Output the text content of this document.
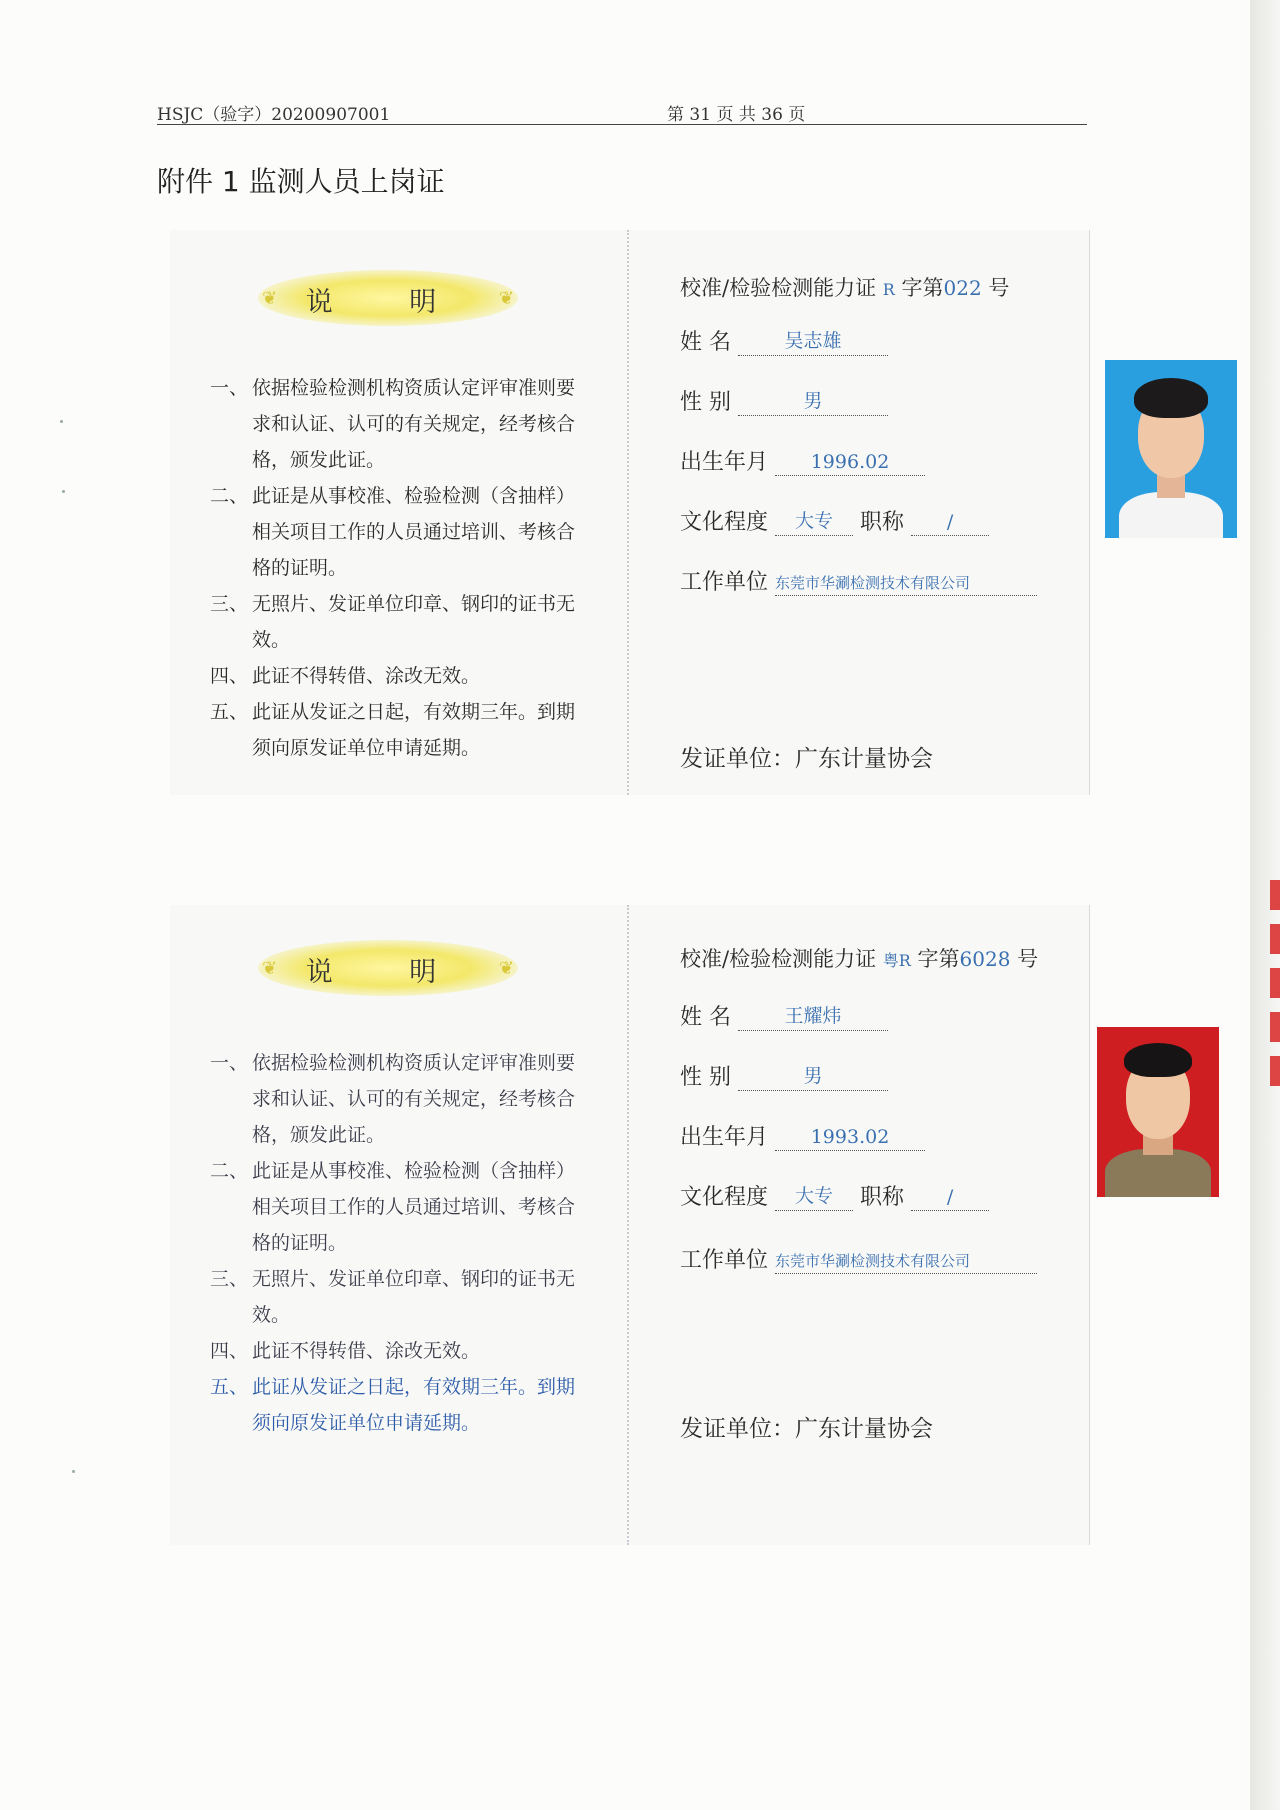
HSJC（验字）20200907001	第 31 页 共 36 页
附件 1 监测人员上岗证
❦	说 明	❦

一、 依据检验检测机构资质认定评审准则要求和认证、认可的有关规定，经考核合格，颁发此证。

二、 此证是从事校准、检验检测（含抽样）相关项目工作的人员通过培训、考核合格的证明。

三、 无照片、发证单位印章、钢印的证书无效。

四、 此证不得转借、涂改无效。

五、 此证从发证之日起，有效期三年。到期须向原发证单位申请延期。

校准/检验检测能力证 R 字第022 号
姓 名	吴志雄
性 别	男
出生年月 1996.02
文化程度 大专 职称 /
工作单位 东莞市华涮检测技术有限公司
发证单位：广东计量协会
❦	说 明	❦

一、 依据检验检测机构资质认定评审准则要求和认证、认可的有关规定，经考核合格，颁发此证。

二、 此证是从事校准、检验检测（含抽样）相关项目工作的人员通过培训、考核合格的证明。

三、 无照片、发证单位印章、钢印的证书无效。

四、 此证不得转借、涂改无效。

五、 此证从发证之日起，有效期三年。到期须向原发证单位申请延期。

校准/检验检测能力证 粤R 字第6028 号
姓 名	王耀炜
性 别	男
出生年月 1993.02
文化程度 大专 职称 /
工作单位 东莞市华涮检测技术有限公司
发证单位：广东计量协会
